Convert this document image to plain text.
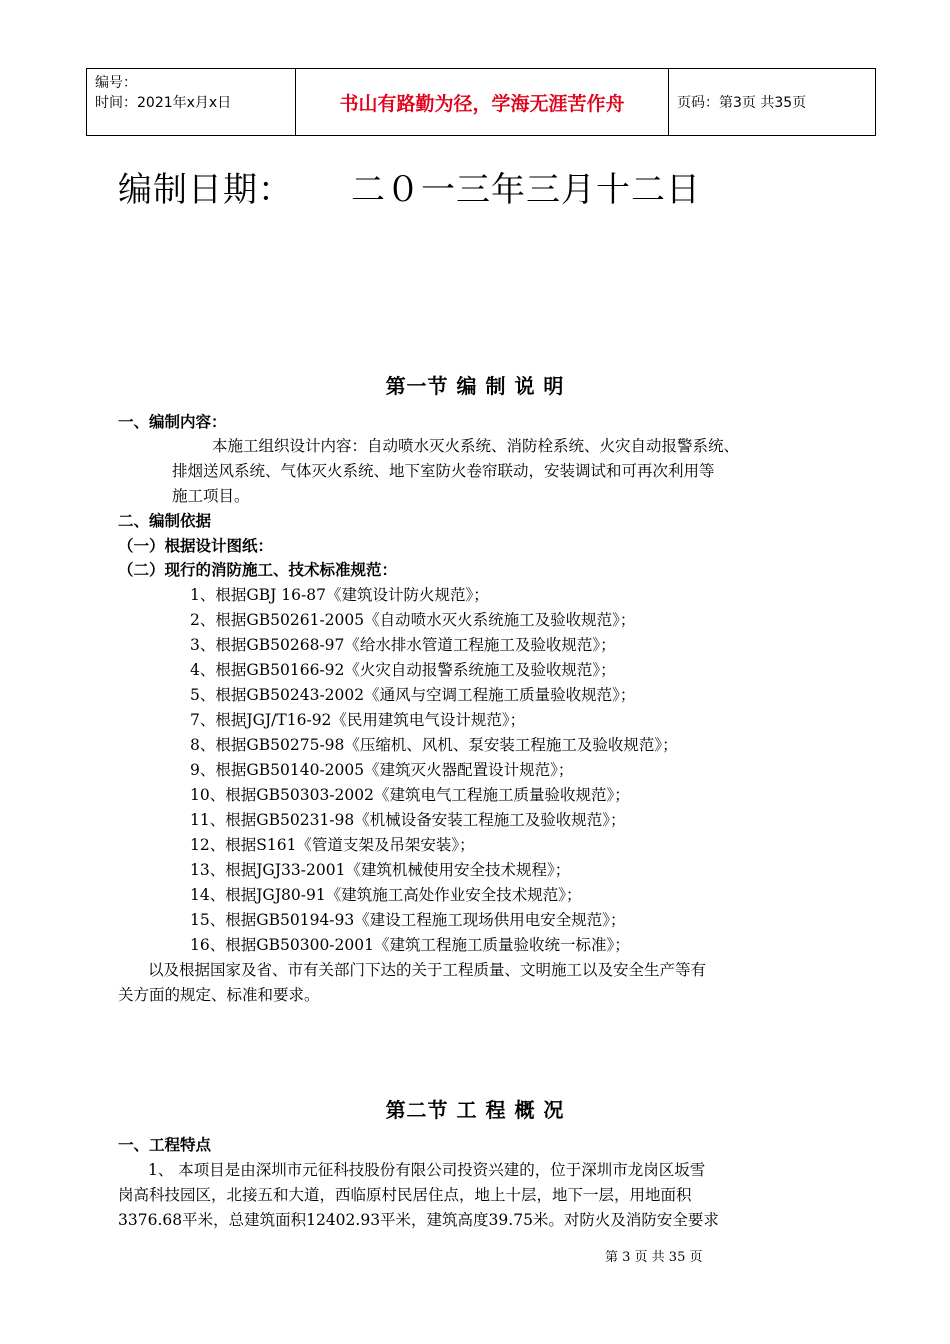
编号：
时间：2021年x月x日	书山有路勤为径，学海无涯苦作舟	页码：第3页 共35页
编制日期： 二０一三年三月十二日
第一节 编 制 说 明
一、编制内容：
本施工组织设计内容：自动喷水灭火系统、消防栓系统、火灾自动报警系统、
排烟送风系统、气体灭火系统、地下室防火卷帘联动，安装调试和可再次利用等
施工项目。
二、编制依据
（一）根据设计图纸：
（二）现行的消防施工、技术标准规范：
1、根据GBJ 16-87《建筑设计防火规范》；
2、根据GB50261-2005《自动喷水灭火系统施工及验收规范》；
3、根据GB50268-97《给水排水管道工程施工及验收规范》；
4、根据GB50166-92《火灾自动报警系统施工及验收规范》；
5、根据GB50243-2002《通风与空调工程施工质量验收规范》；
7、根据JGJ/T16-92《民用建筑电气设计规范》；
8、根据GB50275-98《压缩机、风机、泵安装工程施工及验收规范》；
9、根据GB50140-2005《建筑灭火器配置设计规范》；
10、根据GB50303-2002《建筑电气工程施工质量验收规范》；
11、根据GB50231-98《机械设备安装工程施工及验收规范》；
12、根据S161《管道支架及吊架安装》；
13、根据JGJ33-2001《建筑机械使用安全技术规程》；
14、根据JGJ80-91《建筑施工高处作业安全技术规范》；
15、根据GB50194-93《建设工程施工现场供用电安全规范》；
16、根据GB50300-2001《建筑工程施工质量验收统一标准》；
以及根据国家及省、市有关部门下达的关于工程质量、文明施工以及安全生产等有
关方面的规定、标准和要求。
第二节 工 程 概 况
一、工程特点
1、 本项目是由深圳市元征科技股份有限公司投资兴建的，位于深圳市龙岗区坂雪
岗高科技园区，北接五和大道，西临原村民居住点，地上十层，地下一层，用地面积
3376.68平米，总建筑面积12402.93平米，建筑高度39.75米。对防火及消防安全要求
第 3 页 共 35 页
